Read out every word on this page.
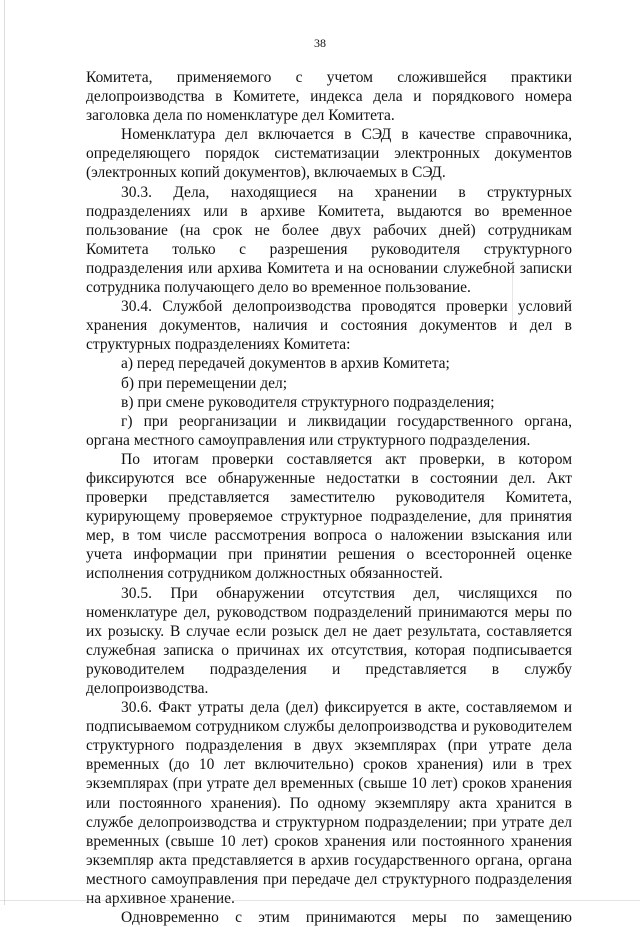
38

Комитета, применяемого с учетом сложившейся практики делопроизводства в Комитете, индекса дела и порядкового номера заголовка дела по номенклатуре дел Комитета.

Номенклатура дел включается в СЭД в качестве справочника, определяющего порядок систематизации электронных документов (электронных копий документов), включаемых в СЭД.

30.3. Дела, находящиеся на хранении в структурных подразделениях или в архиве Комитета, выдаются во временное пользование (на срок не более двух рабочих дней) сотрудникам Комитета только с разрешения руководителя структурного подразделения или архива Комитета и на основании служебной записки сотрудника получающего дело во временное пользование.

30.4. Службой делопроизводства проводятся проверки условий хранения документов, наличия и состояния документов и дел в структурных подразделениях Комитета:

а) перед передачей документов в архив Комитета;

б) при перемещении дел;

в) при смене руководителя структурного подразделения;

г) при реорганизации и ликвидации государственного органа, органа местного самоуправления или структурного подразделения.

По итогам проверки составляется акт проверки, в котором фиксируются все обнаруженные недостатки в состоянии дел. Акт проверки представляется заместителю руководителя Комитета, курирующему проверяемое структурное подразделение, для принятия мер, в том числе рассмотрения вопроса о наложении взыскания или учета информации при принятии решения о всесторонней оценке исполнения сотрудником должностных обязанностей.

30.5. При обнаружении отсутствия дел, числящихся по номенклатуре дел, руководством подразделений принимаются меры по их розыску. В случае если розыск дел не дает результата, составляется служебная записка о причинах их отсутствия, которая подписывается руководителем подразделения и представляется в службу делопроизводства.

30.6. Факт утраты дела (дел) фиксируется в акте, составляемом и подписываемом сотрудником службы делопроизводства и руководителем структурного подразделения в двух экземплярах (при утрате дела временных (до 10 лет включительно) сроков хранения) или в трех экземплярах (при утрате дел временных (свыше 10 лет) сроков хранения или постоянного хранения). По одному экземпляру акта хранится в службе делопроизводства и структурном подразделении; при утрате дел временных (свыше 10 лет) сроков хранения или постоянного хранения экземпляр акта представляется в архив государственного органа, органа местного самоуправления при передаче дел структурного подразделения на архивное хранение.

Одновременно с этим принимаются меры по замещению
